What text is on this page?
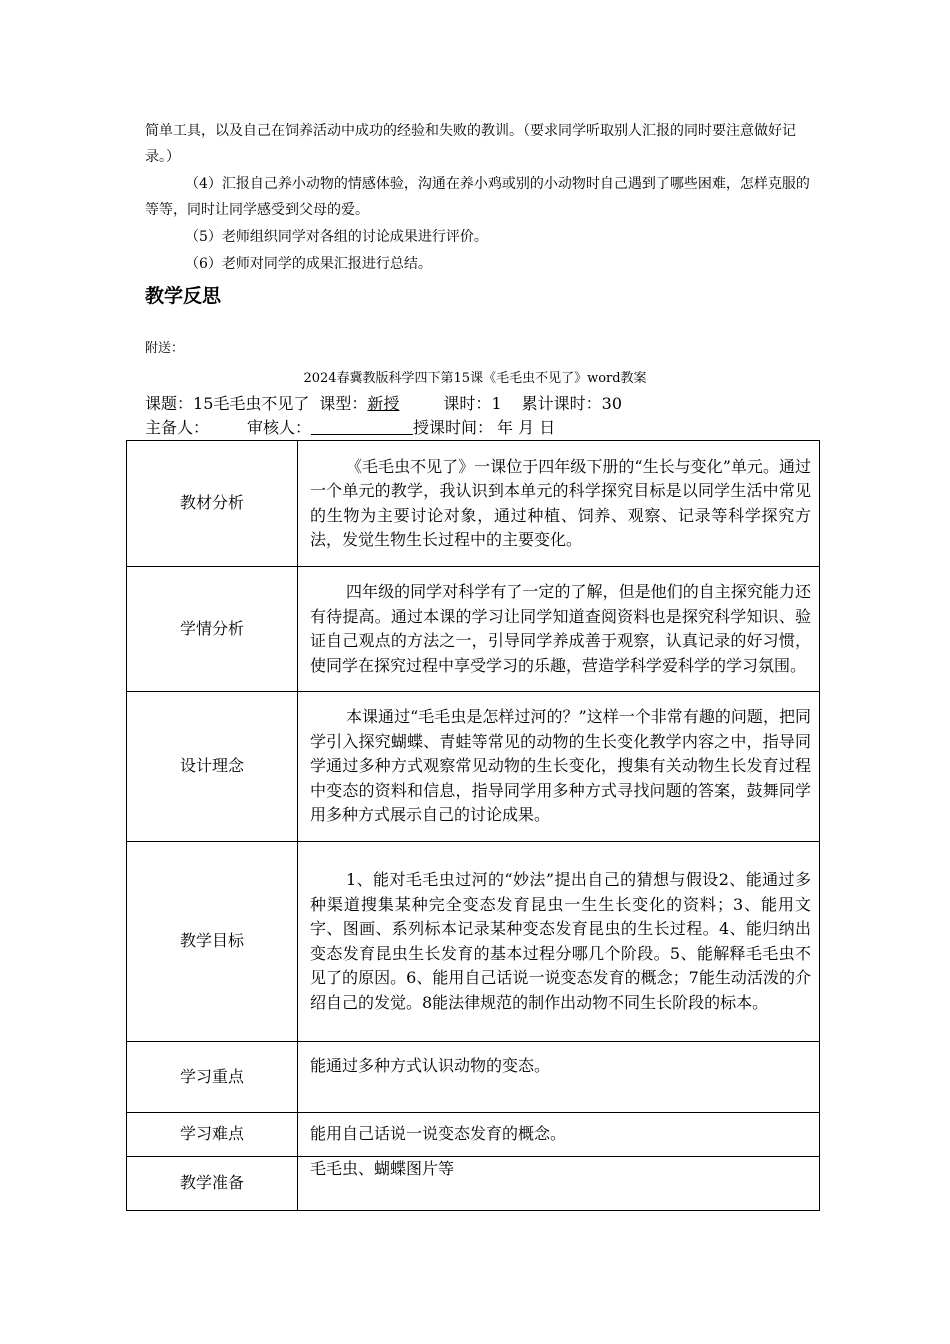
简单工具，以及自己在饲养活动中成功的经验和失败的教训。（要求同学听取别人汇报的同时要注意做好记录。）

（4）汇报自己养小动物的情感体验，沟通在养小鸡或别的小动物时自己遇到了哪些困难，怎样克服的等等，同时让同学感受到父母的爱。

（5）老师组织同学对各组的讨论成果进行评价。

（6）老师对同学的成果汇报进行总结。

教学反思
附送：
2024春冀教版科学四下第15课《毛毛虫不见了》word教案
课题：15毛毛虫不见了 课型：新授	课时：1 累计课时：30
主备人： 审核人：	授课时间： 年 月 日
教材分析	《毛毛虫不见了》一课位于四年级下册的“生长与变化”单元。通过一个单元的教学，我认识到本单元的科学探究目标是以同学生活中常见的生物为主要讨论对象，通过种植、饲养、观察、记录等科学探究方法，发觉生物生长过程中的主要变化。
学情分析	四年级的同学对科学有了一定的了解，但是他们的自主探究能力还有待提高。通过本课的学习让同学知道查阅资料也是探究科学知识、验证自己观点的方法之一，引导同学养成善于观察，认真记录的好习惯，使同学在探究过程中享受学习的乐趣，营造学科学爱科学的学习氛围。
设计理念	本课通过“毛毛虫是怎样过河的？”这样一个非常有趣的问题，把同学引入探究蝴蝶、青蛙等常见的动物的生长变化教学内容之中，指导同学通过多种方式观察常见动物的生长变化，搜集有关动物生长发育过程中变态的资料和信息，指导同学用多种方式寻找问题的答案，鼓舞同学用多种方式展示自己的讨论成果。
教学目标	1、能对毛毛虫过河的“妙法”提出自己的猜想与假设2、能通过多种渠道搜集某种完全变态发育昆虫一生生长变化的资料；3、能用文字、图画、系列标本记录某种变态发育昆虫的生长过程。4、能归纳出变态发育昆虫生长发育的基本过程分哪几个阶段。5、能解释毛毛虫不见了的原因。6、能用自己话说一说变态发育的概念；7能生动活泼的介绍自己的发觉。8能法律规范的制作出动物不同生长阶段的标本。
学习重点	能通过多种方式认识动物的变态。
学习难点	能用自己话说一说变态发育的概念。
教学准备	毛毛虫、蝴蝶图片等
